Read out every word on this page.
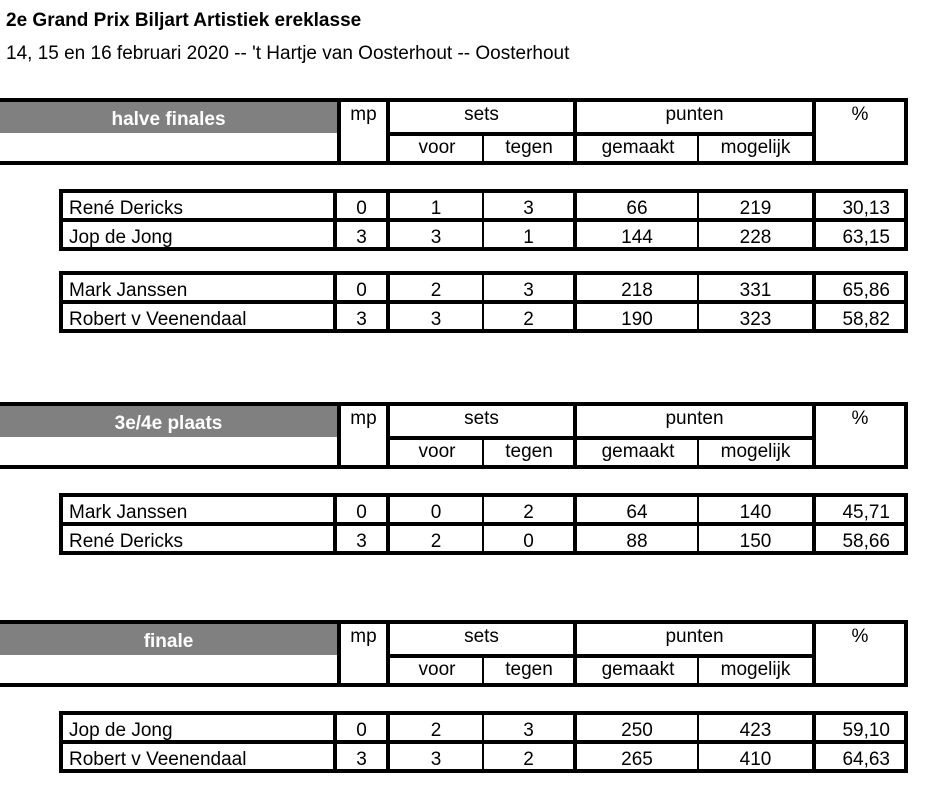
2e Grand Prix Biljart Artistiek ereklasse
14, 15 en 16 februari 2020 -- 't Hartje van Oosterhout -- Oosterhout
halve finales	mp	sets
voor	tegen
punten
gemaakt	mogelijk
%
René Dericks	0	1	3	66	219	30,13
Jop de Jong	3	3	1	144	228	63,15
Mark Janssen	0	2	3	218	331	65,86
Robert v Veenendaal	3	3	2	190	323	58,82
3e/4e plaats	mp	sets
voor	tegen
punten
gemaakt	mogelijk
%
Mark Janssen	0	0	2	64	140	45,71
René Dericks	3	2	0	88	150	58,66
finale	mp	sets
voor	tegen
punten
gemaakt	mogelijk
%
Jop de Jong	0	2	3	250	423	59,10
Robert v Veenendaal	3	3	2	265	410	64,63
